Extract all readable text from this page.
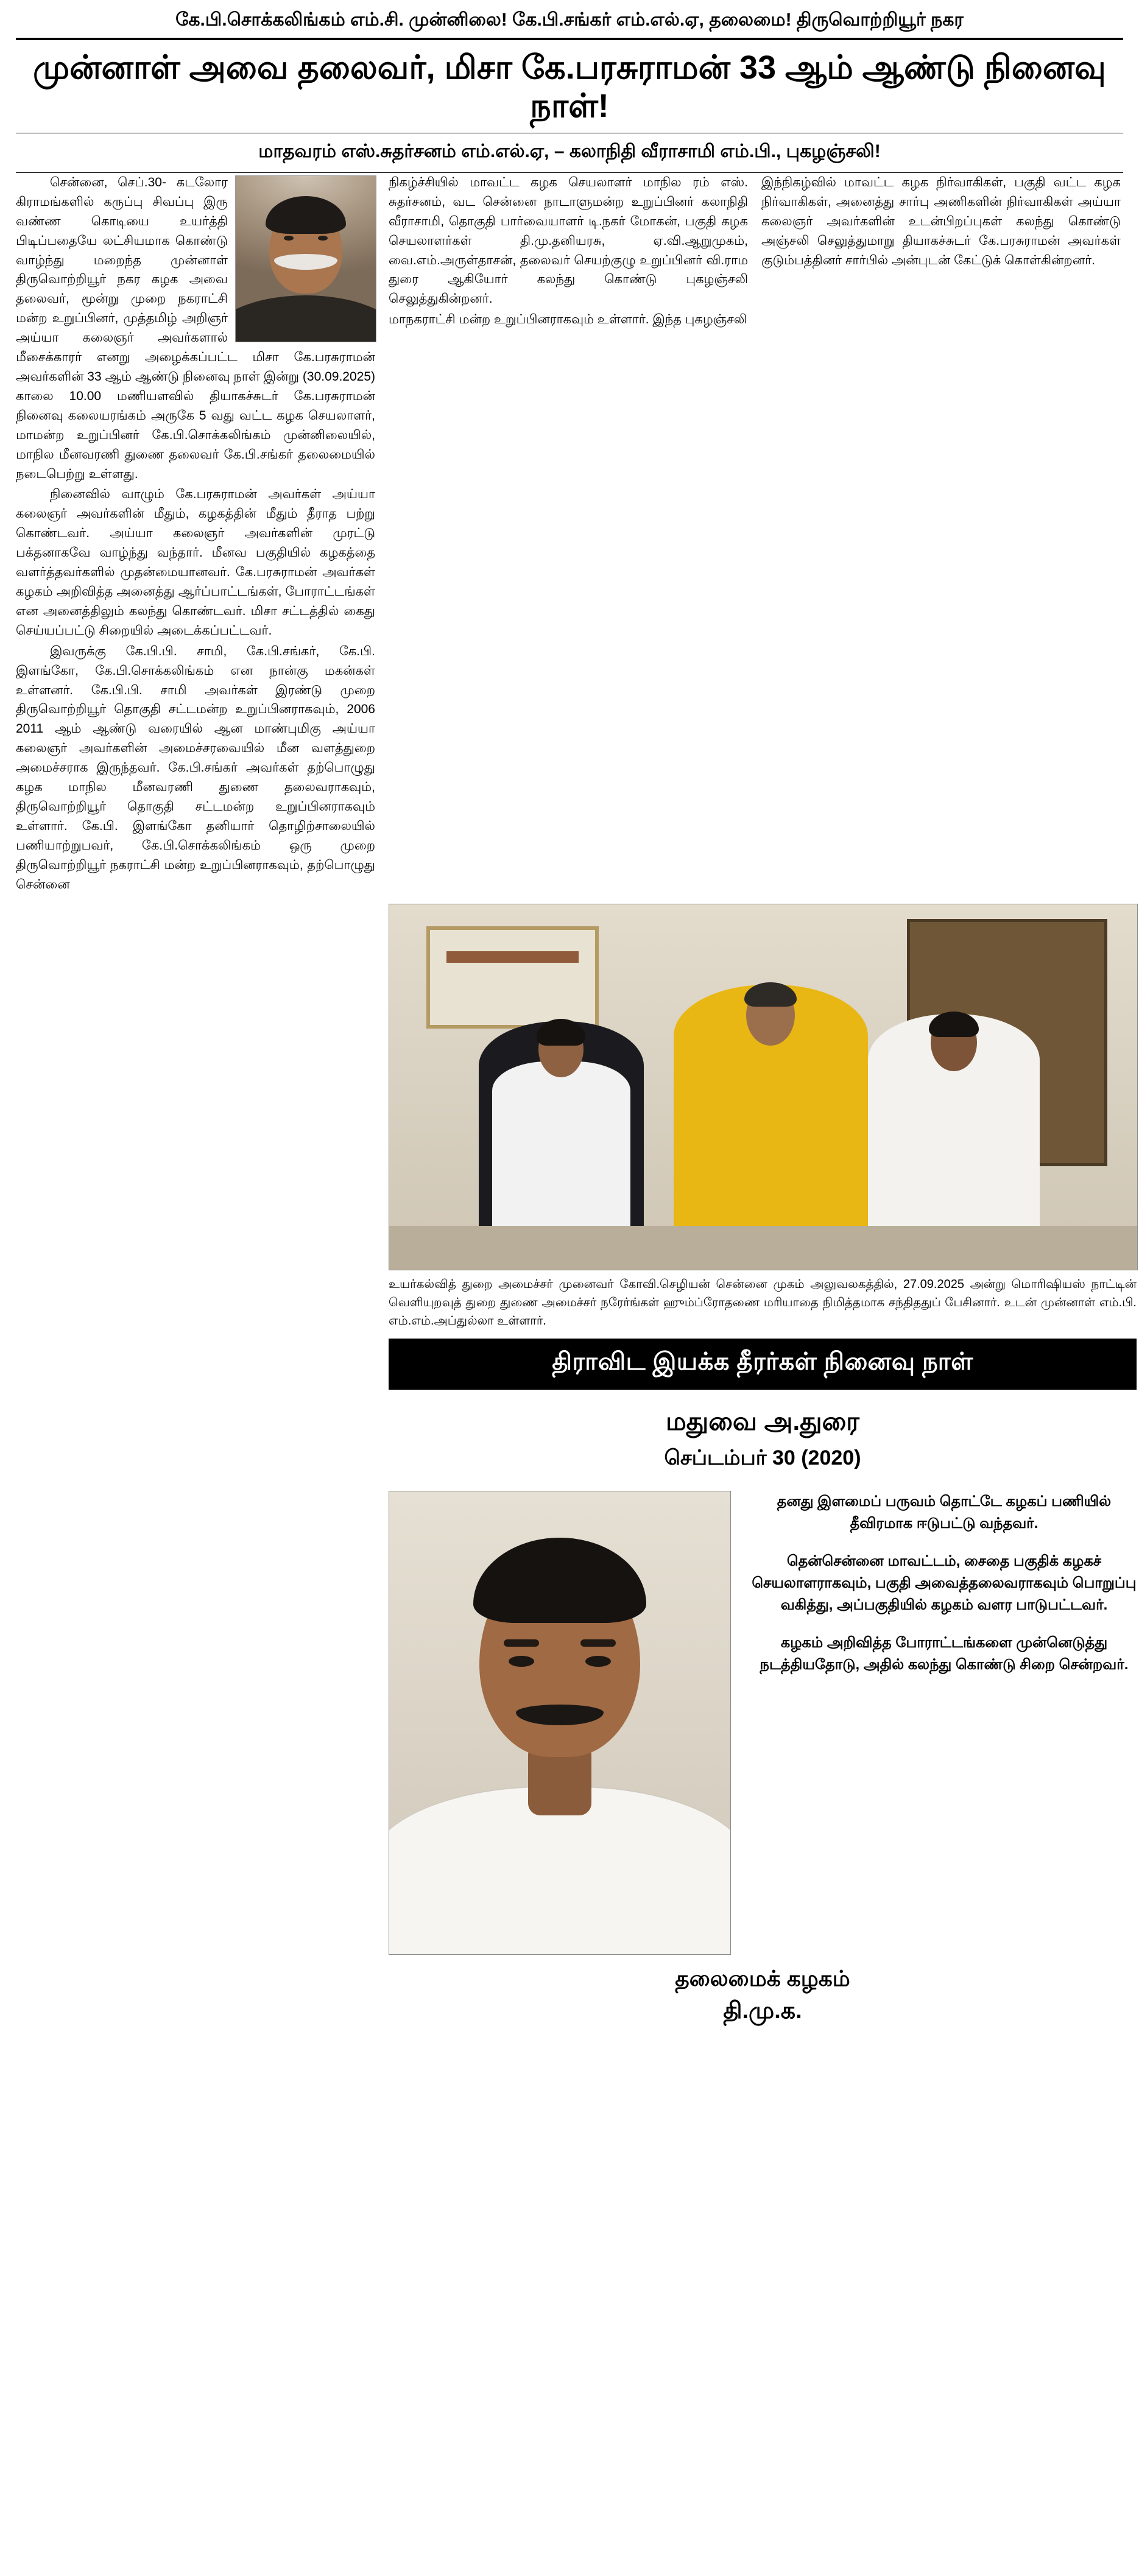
கே.பி.சொக்கலிங்கம் எம்.சி. முன்னிலை! கே.பி.சங்கர் எம்.எல்.ஏ, தலைமை! திருவொற்றியூர் நகர
முன்னாள் அவை தலைவர், மிசா கே.பரசுராமன் 33 ஆம் ஆண்டு நினைவு நாள்!
மாதவரம் எஸ்.சுதர்சனம் எம்.எல்.ஏ, – கலாநிதி வீராசாமி எம்.பி., புகழஞ்சலி!

சென்னை, செப்.30- கடலோர கிராமங்களில் கருப்பு சிவப்பு இரு வண்ண கொடியை உயர்த்தி பிடிப்பதையே லட்சியமாக கொண்டு வாழ்ந்து மறைந்த முன்னாள் திருவொற்றியூர் நகர கழக அவை தலைவர், மூன்று முறை நகராட்சி மன்ற உறுப்பினர், முத்தமிழ் அறிஞர் அய்யா கலைஞர் அவர்களால் மீசைக்காரர் எனறு அழைக்கப்பட்ட மிசா கே.பரசுராமன் அவர்களின் 33 ஆம் ஆண்டு நினைவு நாள் இன்று (30.09.2025) காலை 10.00 மணியளவில் தியாகச்சுடர் கே.பரசுராமன் நினைவு கலையரங்கம் அருகே 5 வது வட்ட கழக செயலாளர், மாமன்ற உறுப்பினர் கே.பி.சொக்கலிங்கம் முன்னிலையில், மாநில மீனவரணி துணை தலைவர் கே.பி.சங்கர் தலைமையில் நடைபெற்று உள்ளது.

நினைவில் வாழும் கே.பரசுராமன் அவர்கள் அய்யா கலைஞர் அவர்களின் மீதும், கழகத்தின் மீதும் தீராத பற்று கொண்டவர். அய்யா கலைஞர் அவர்களின் முரட்டு பக்தனாகவே வாழ்ந்து வந்தார். மீனவ பகுதியில் கழகத்தை வளர்த்தவர்களில் முதன்மையானவர். கே.பரசுராமன் அவர்கள் கழகம் அறிவித்த அனைத்து ஆர்ப்பாட்டங்கள், போராட்டங்கள் என அனைத்திலும் கலந்து கொண்டவர். மிசா சட்டத்தில் கைது செய்யப்பட்டு சிறையில் அடைக்கப்பட்டவர்.

இவருக்கு கே.பி.பி. சாமி, கே.பி.சங்கர், கே.பி. இளங்கோ, கே.பி.சொக்கலிங்கம் என நான்கு மகன்கள் உள்ளனர். கே.பி.பி. சாமி அவர்கள் இரண்டு முறை திருவொற்றியூர் தொகுதி சட்டமன்ற உறுப்பினராகவும், 2006 2011 ஆம் ஆண்டு வரையில் ஆன மாண்புமிகு அய்யா கலைஞர் அவர்களின் அமைச்சரவையில் மீன வளத்துறை அமைச்சராக இருந்தவர். கே.பி.சங்கர் அவர்கள் தற்பொழுது கழக மாநில மீனவரணி துணை தலைவராகவும், திருவொற்றியூர் தொகுதி சட்டமன்ற உறுப்பினராகவும் உள்ளார். கே.பி. இளங்கோ தனியார் தொழிற்சாலையில் பணியாற்றுபவர், கே.பி.சொக்கலிங்கம் ஒரு முறை திருவொற்றியூர் நகராட்சி மன்ற உறுப்பினராகவும், தற்பொழுது சென்னை

நிகழ்ச்சியில் மாவட்ட கழக செயலாளர் மாநில ரம் எஸ். சுதர்சனம், வட சென்னை நாடாளுமன்ற உறுப்பினர் கலாநிதி வீராசாமி, தொகுதி பார்வையாளர் டி.நகர் மோகன், பகுதி கழக செயலாளர்கள் தி.மு.தனியரசு, ஏ.வி.ஆறுமுகம், வை.எம்.அருள்தாசன், தலைவர் செயற்குழு உறுப்பினர் வி.ராம துரை ஆகியோர் கலந்து கொண்டு புகழஞ்சலி செலுத்துகின்றனர்.

மாநகராட்சி மன்ற உறுப்பினராகவும் உள்ளார். இந்த புகழஞ்சலி

இந்நிகழ்வில் மாவட்ட கழக நிர்வாகிகள், பகுதி வட்ட கழக நிர்வாகிகள், அனைத்து சார்பு அணிகளின் நிர்வாகிகள் அய்யா கலைஞர் அவர்களின் உடன்பிறப்புகள் கலந்து கொண்டு அஞ்சலி செலுத்துமாறு தியாகச்சுடர் கே.பரசுராமன் அவர்கள் குடும்பத்தினர் சார்பில் அன்புடன் கேட்டுக் கொள்கின்றனர்.

உயர்கல்வித் துறை அமைச்சர் முனைவர் கோவி.செழியன் சென்னை முகம் அலுவலகத்தில், 27.09.2025 அன்று மொரிஷியஸ் நாட்டின் வெளியுறவுத் துறை துணை அமைச்சர் நரேர்ங்கள் ஹும்ப்ரோதணை மரியாதை நிமித்தமாக சந்திததுப் பேசினார். உடன் முன்னாள் எம்.பி. எம்.எம்.அப்துல்லா உள்ளார்.
திராவிட இயக்க தீரர்கள் நினைவு நாள்
மதுவை அ.துரை
செப்டம்பர் 30 (2020)

தனது இளமைப் பருவம் தொட்டே கழகப் பணியில் தீவிரமாக ஈடுபட்டு வந்தவர்.

தென்சென்னை மாவட்டம், சைதை பகுதிக் கழகச் செயலாளராகவும், பகுதி அவைத்தலைவராகவும் பொறுப்பு வகித்து, அப்பகுதியில் கழகம் வளர பாடுபட்டவர்.

கழகம் அறிவித்த போராட்டங்களை முன்னெடுத்து நடத்தியதோடு, அதில் கலந்து கொண்டு சிறை சென்றவர்.

தலைமைக் கழகம்
தி.மு.க.
